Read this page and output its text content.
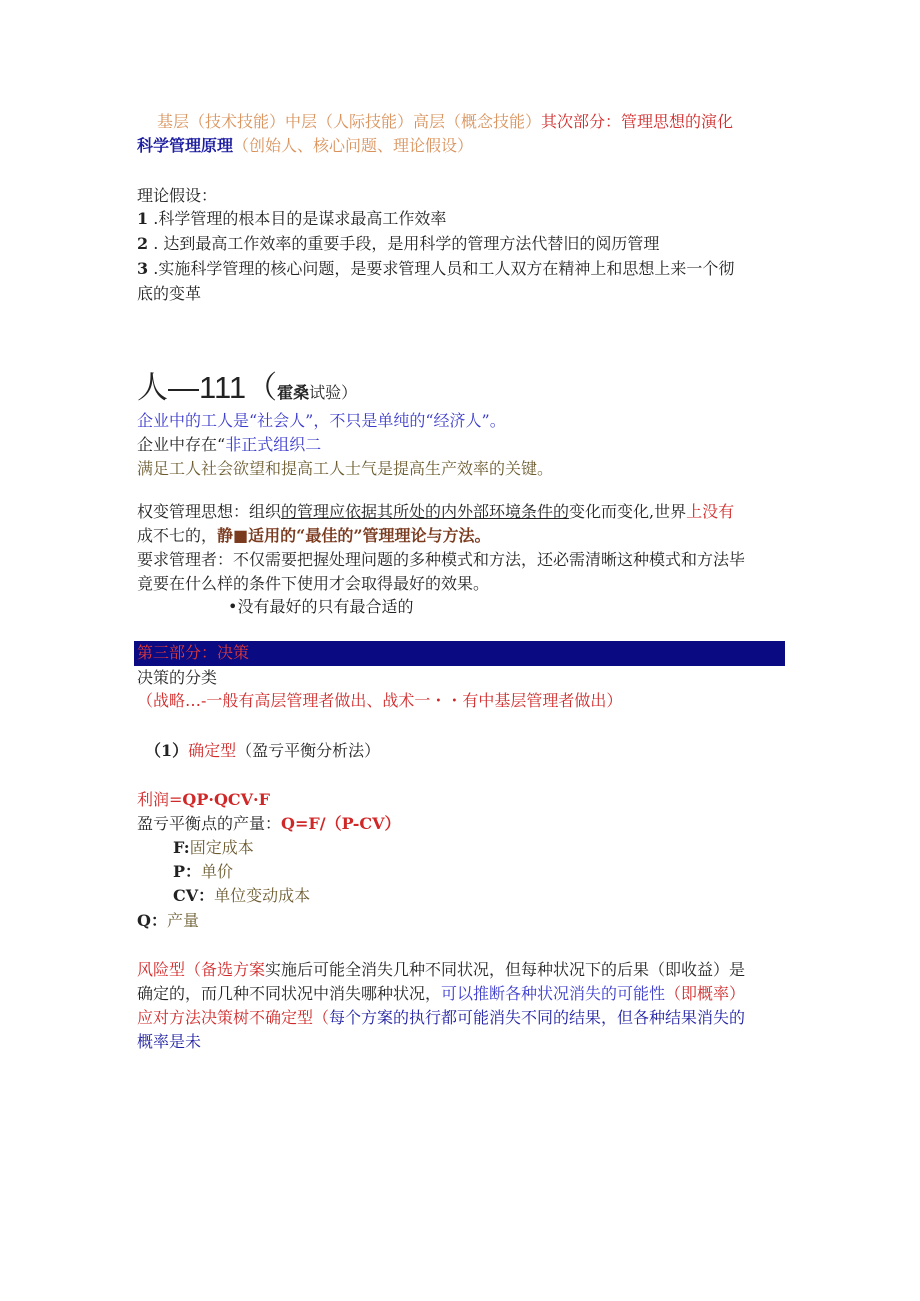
基层（技术技能）中层（人际技能）高层（概念技能）其次部分：管理思想的演化
科学管理原理（创始人、核心问题、理论假设）
理论假设：
1 .科学管理的根本目的是谋求最高工作效率
2 . 达到最高工作效率的重要手段，是用科学的管理方法代替旧的阅历管理
3 .实施科学管理的核心问题，是要求管理人员和工人双方在精神上和思想上来一个彻
底的变革
人—111（霍桑试验）
企业中的工人是“社会人”，不只是单纯的“经济人”。
企业中存在“非正式组织二
满足工人社会欲望和提高工人士气是提高生产效率的关键。
权变管理思想：组织的管理应依据其所处的内外部环境条件的变化而变化,世界上没有
成不七的，静■适用的“最佳的”管理理论与方法。
要求管理者：不仅需要把握处理问题的多种模式和方法，还必需清晰这种模式和方法毕
竟要在什么样的条件下使用才会取得最好的效果。
•没有最好的只有最合适的
第三部分：决策
决策的分类
（战略…-一般有高层管理者做出、战术一・・有中基层管理者做出）
（1）确定型（盈亏平衡分析法）
利润=QP·QCV·F
盈亏平衡点的产量：Q=F/（P-CV）
F:固定成本
P：单价
CV：单位变动成本
Q：产量
风险型（备选方案实施后可能全消失几种不同状况，但每种状况下的后果（即收益）是
确定的，而几种不同状况中消失哪种状况，可以推断各种状况消失的可能性（即概率）
应对方法决策树不确定型（每个方案的执行都可能消失不同的结果，但各种结果消失的
概率是未
